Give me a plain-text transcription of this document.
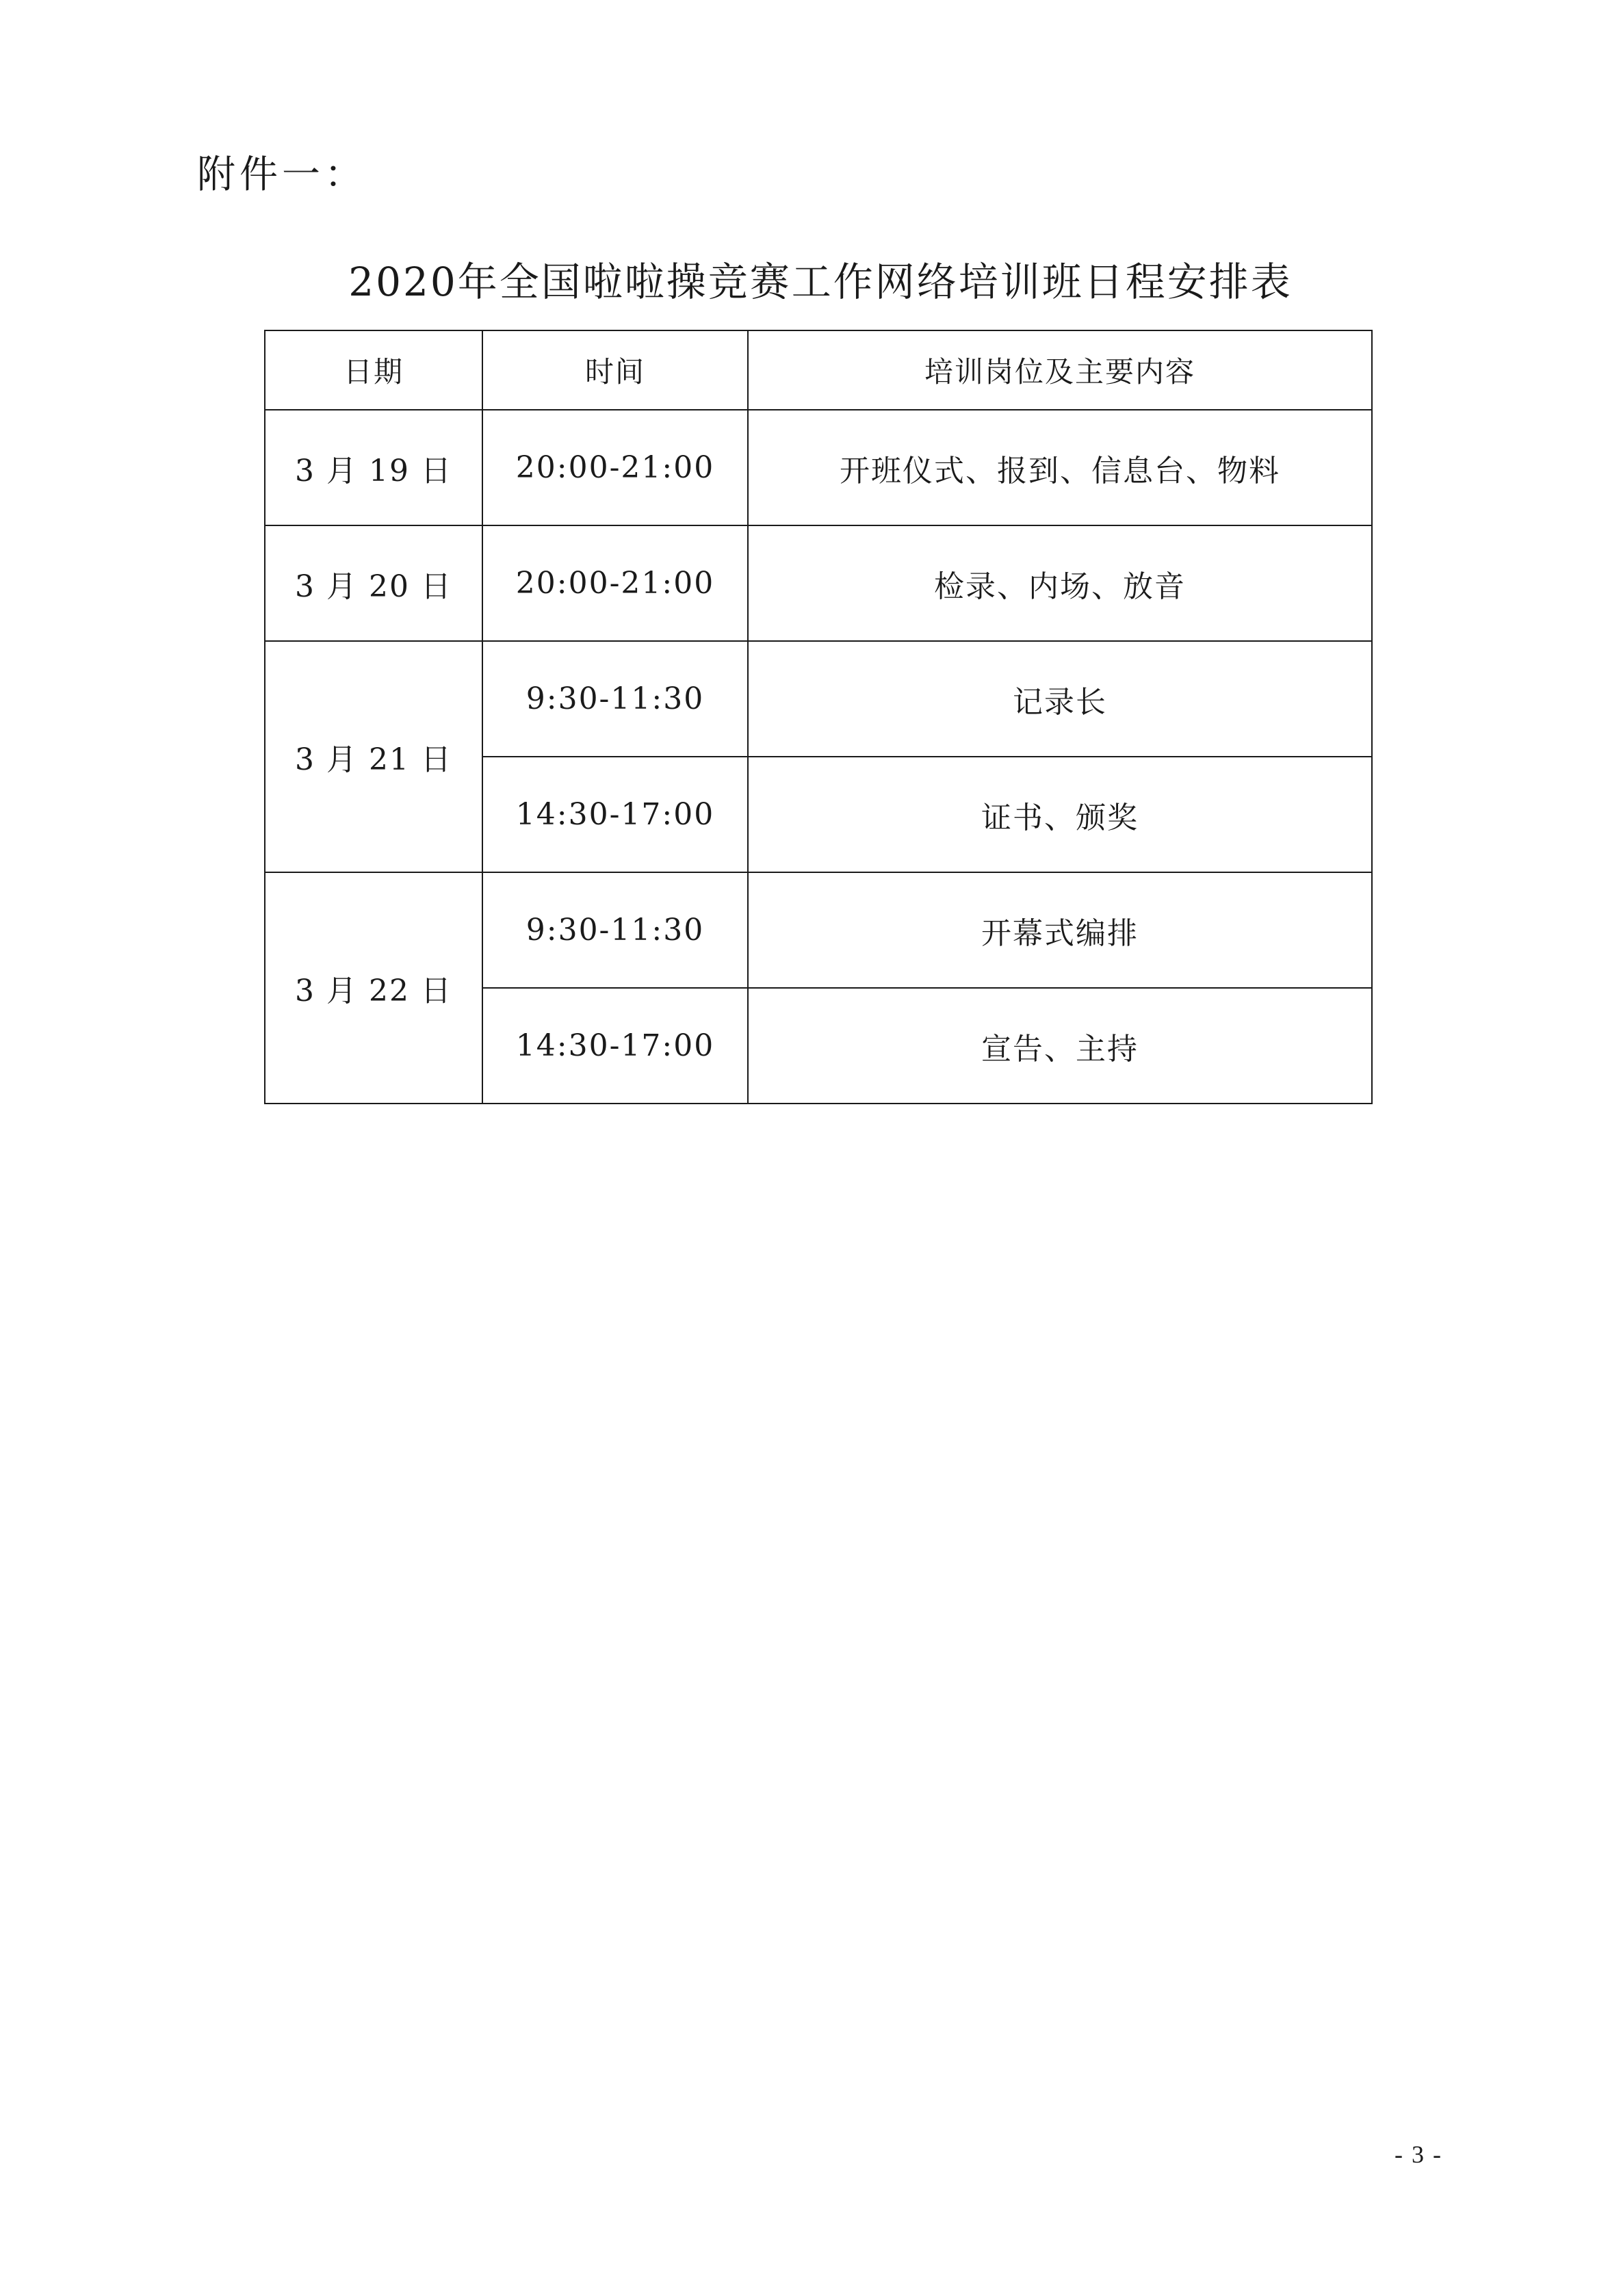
附件一：
2020年全国啦啦操竞赛工作网络培训班日程安排表
日期	时间	培训岗位及主要内容
3 月 19 日	20:00-21:00	开班仪式、报到、信息台、物料
3 月 20 日	20:00-21:00	检录、内场、放音
3 月 21 日	9:30-11:30	记录长
	14:30-17:00	证书、颁奖
3 月 22 日	9:30-11:30	开幕式编排
	14:30-17:00	宣告、主持
- 3 -
